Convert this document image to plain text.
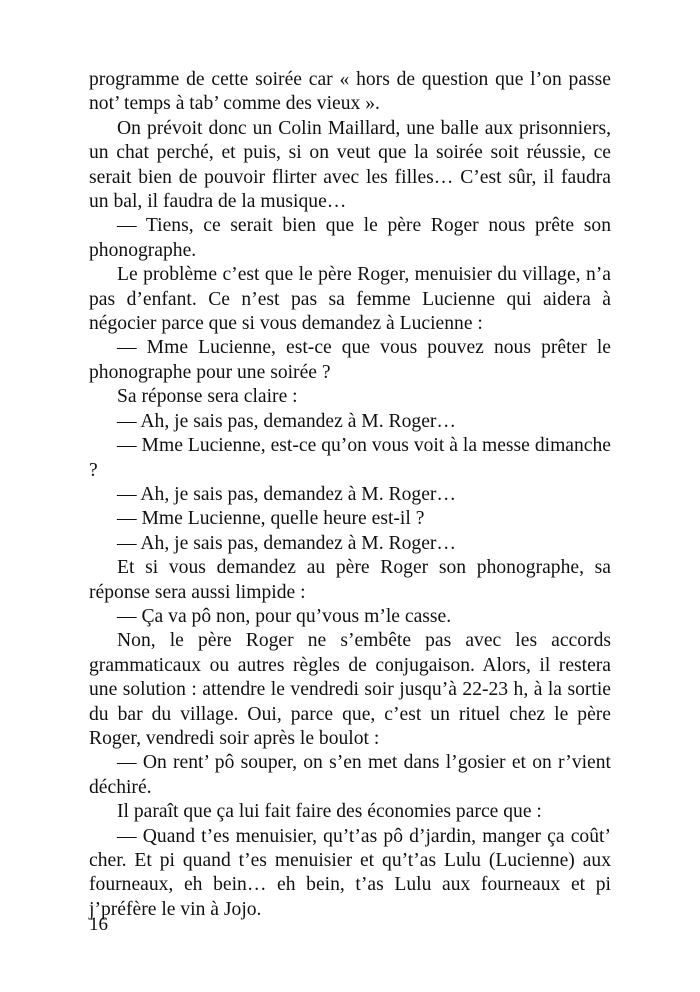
programme de cette soirée car « hors de question que l’on passe not’ temps à tab’ comme des vieux ».

On prévoit donc un Colin Maillard, une balle aux prisonniers, un chat perché, et puis, si on veut que la soirée soit réussie, ce serait bien de pouvoir flirter avec les filles… C’est sûr, il faudra un bal, il faudra de la musique…

— Tiens, ce serait bien que le père Roger nous prête son phonographe.

Le problème c’est que le père Roger, menuisier du village, n’a pas d’enfant. Ce n’est pas sa femme Lucienne qui aidera à négocier parce que si vous demandez à Lucienne :

— Mme Lucienne, est-ce que vous pouvez nous prêter le phonographe pour une soirée ?

Sa réponse sera claire :

— Ah, je sais pas, demandez à M. Roger…

— Mme Lucienne, est-ce qu’on vous voit à la messe dimanche ?

— Ah, je sais pas, demandez à M. Roger…

— Mme Lucienne, quelle heure est-il ?

— Ah, je sais pas, demandez à M. Roger…

Et si vous demandez au père Roger son phonographe, sa réponse sera aussi limpide :

— Ça va pô non, pour qu’vous m’le casse.

Non, le père Roger ne s’embête pas avec les accords grammaticaux ou autres règles de conjugaison. Alors, il restera une solution : attendre le vendredi soir jusqu’à 22-23 h, à la sortie du bar du village. Oui, parce que, c’est un rituel chez le père Roger, vendredi soir après le boulot :

— On rent’ pô souper, on s’en met dans l’gosier et on r’vient déchiré.

Il paraît que ça lui fait faire des économies parce que :

— Quand t’es menuisier, qu’t’as pô d’jardin, manger ça coût’ cher. Et pi quand t’es menuisier et qu’t’as Lulu (Lucienne) aux fourneaux, eh bein… eh bein, t’as Lulu aux fourneaux et pi j’préfère le vin à Jojo.

16
